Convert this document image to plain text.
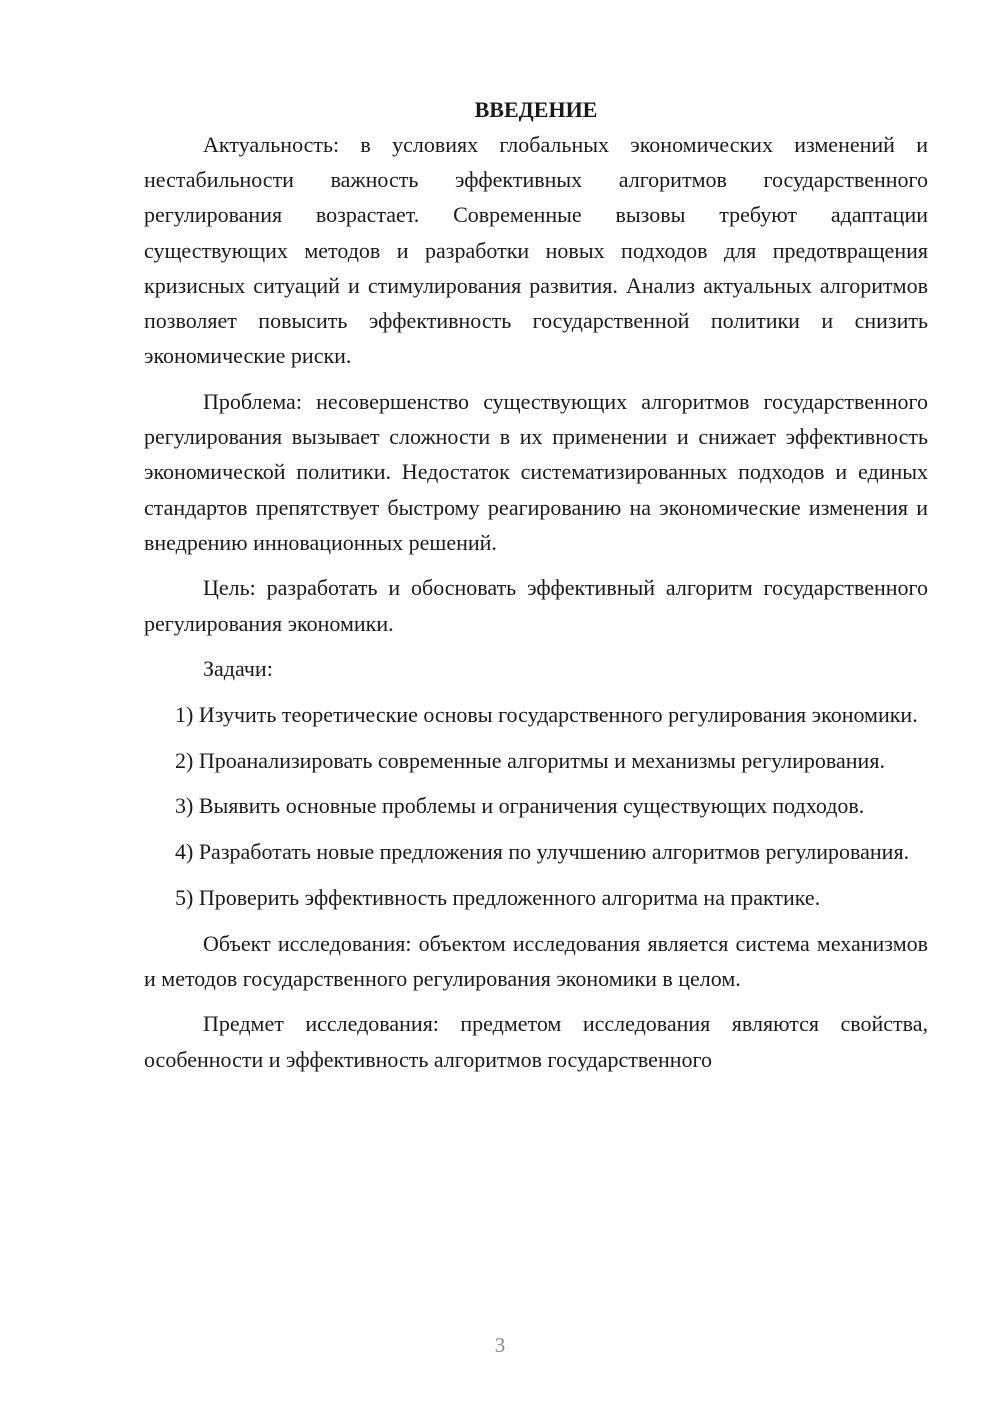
ВВЕДЕНИЕ

Актуальность: в условиях глобальных экономических изменений и нестабильности важность эффективных алгоритмов государственного регулирования возрастает. Современные вызовы требуют адаптации существующих методов и разработки новых подходов для предотвращения кризисных ситуаций и стимулирования развития. Анализ актуальных алгоритмов позволяет повысить эффективность государственной политики и снизить экономические риски.

Проблема: несовершенство существующих алгоритмов государственного регулирования вызывает сложности в их применении и снижает эффективность экономической политики. Недостаток систематизированных подходов и единых стандартов препятствует быстрому реагированию на экономические изменения и внедрению инновационных решений.

Цель: разработать и обосновать эффективный алгоритм государственного регулирования экономики.

Задачи:

1) Изучить теоретические основы государственного регулирования экономики.

2) Проанализировать современные алгоритмы и механизмы регулирования.

3) Выявить основные проблемы и ограничения существующих подходов.

4) Разработать новые предложения по улучшению алгоритмов регулирования.

5) Проверить эффективность предложенного алгоритма на практике.

Объект исследования: объектом исследования является система механизмов и методов государственного регулирования экономики в целом.

Предмет исследования: предметом исследования являются свойства, особенности и эффективность алгоритмов государственного

3
